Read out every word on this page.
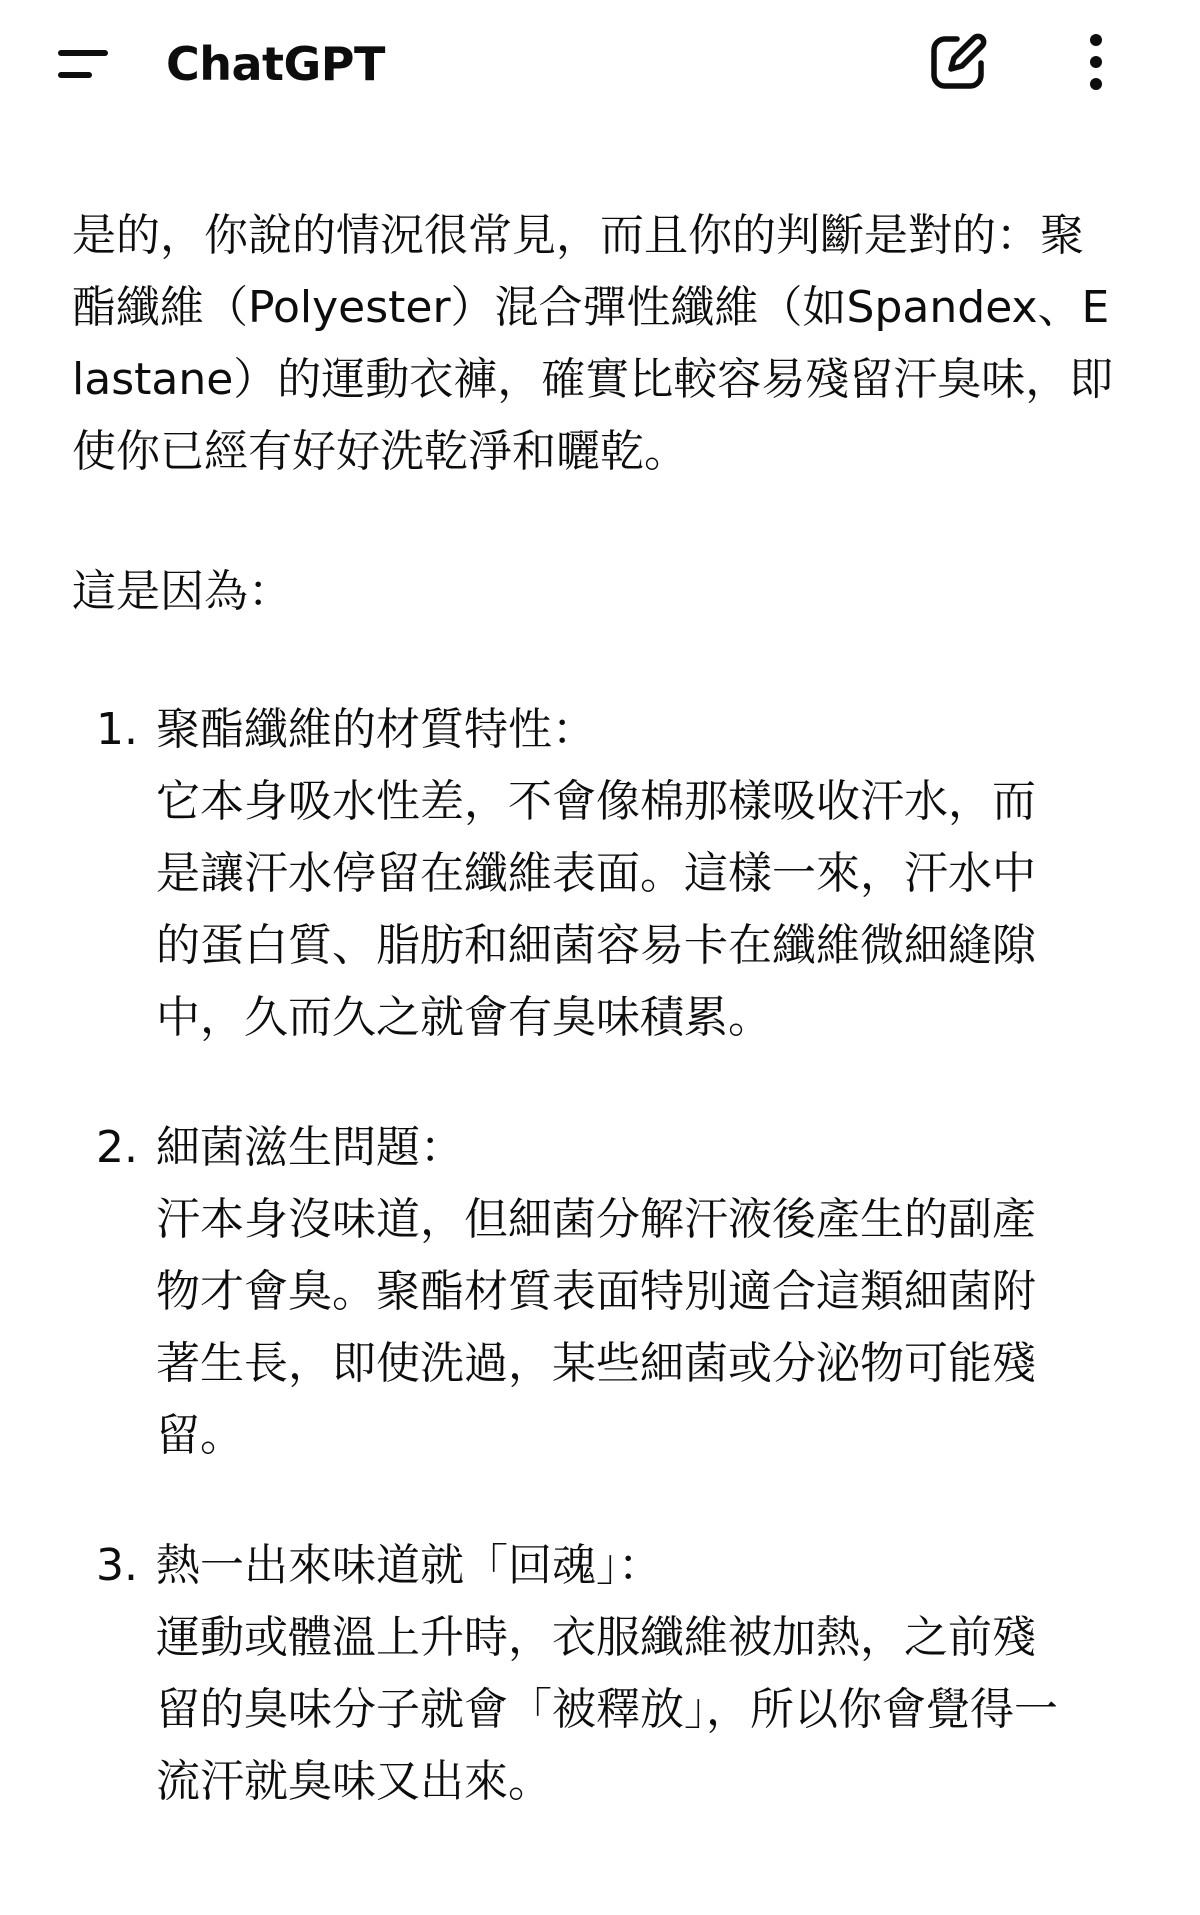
ChatGPT

是的，你說的情況很常見，而且你的判斷是對的：聚酯纖維（Polyester）混合彈性纖維（如Spandex、Elastane）的運動衣褲，確實比較容易殘留汗臭味，即使你已經有好好洗乾淨和曬乾。

這是因為：

1. 聚酯纖維的材質特性：
它本身吸水性差，不會像棉那樣吸收汗水，而是讓汗水停留在纖維表面。這樣一來，汗水中的蛋白質、脂肪和細菌容易卡在纖維微細縫隙中，久而久之就會有臭味積累。
2. 細菌滋生問題：
汗本身沒味道，但細菌分解汗液後產生的副產物才會臭。聚酯材質表面特別適合這類細菌附著生長，即使洗過，某些細菌或分泌物可能殘留。
3. 熱一出來味道就「回魂」：
運動或體溫上升時，衣服纖維被加熱，之前殘留的臭味分子就會「被釋放」，所以你會覺得一流汗就臭味又出來。
